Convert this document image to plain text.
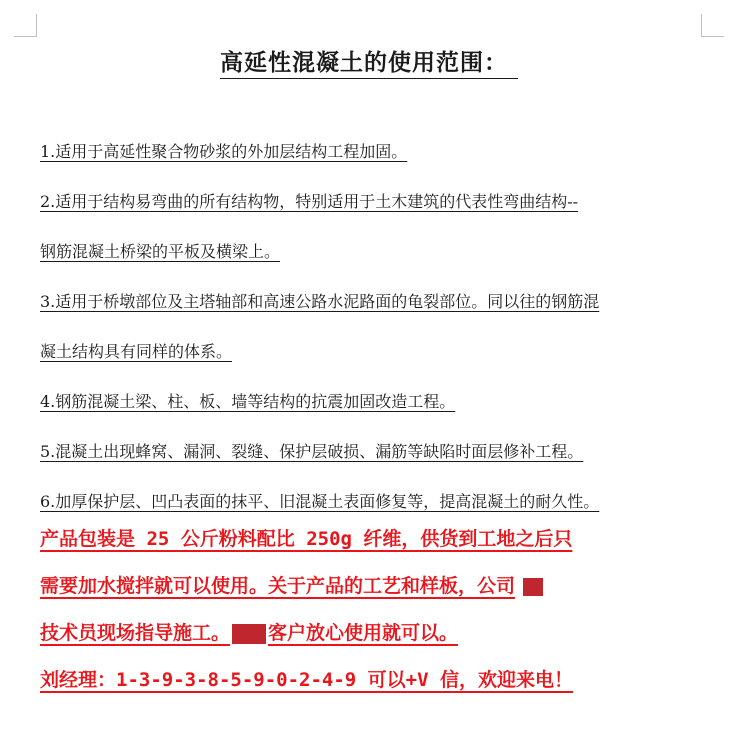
高延性混凝土的使用范围：
1.适用于高延性聚合物砂浆的外加层结构工程加固。
2.适用于结构易弯曲的所有结构物，特别适用于土木建筑的代表性弯曲结构--
钢筋混凝土桥梁的平板及横梁上。
3.适用于桥墩部位及主塔轴部和高速公路水泥路面的龟裂部位。同以往的钢筋混
凝土结构具有同样的体系。
4.钢筋混凝土梁、柱、板、墙等结构的抗震加固改造工程。
5.混凝土出现蜂窝、漏洞、裂缝、保护层破损、漏筋等缺陷时面层修补工程。
6.加厚保护层、凹凸表面的抹平、旧混凝土表面修复等，提高混凝土的耐久性。
产品包装是 25 公斤粉料配比 250g 纤维，供货到工地之后只
需要加水搅拌就可以使用。关于产品的工艺和样板，公司
技术员现场指导施工。 客户放心使用就可以。
刘经理：1-3-9-3-8-5-9-0-2-4-9 可以+V 信，欢迎来电！
